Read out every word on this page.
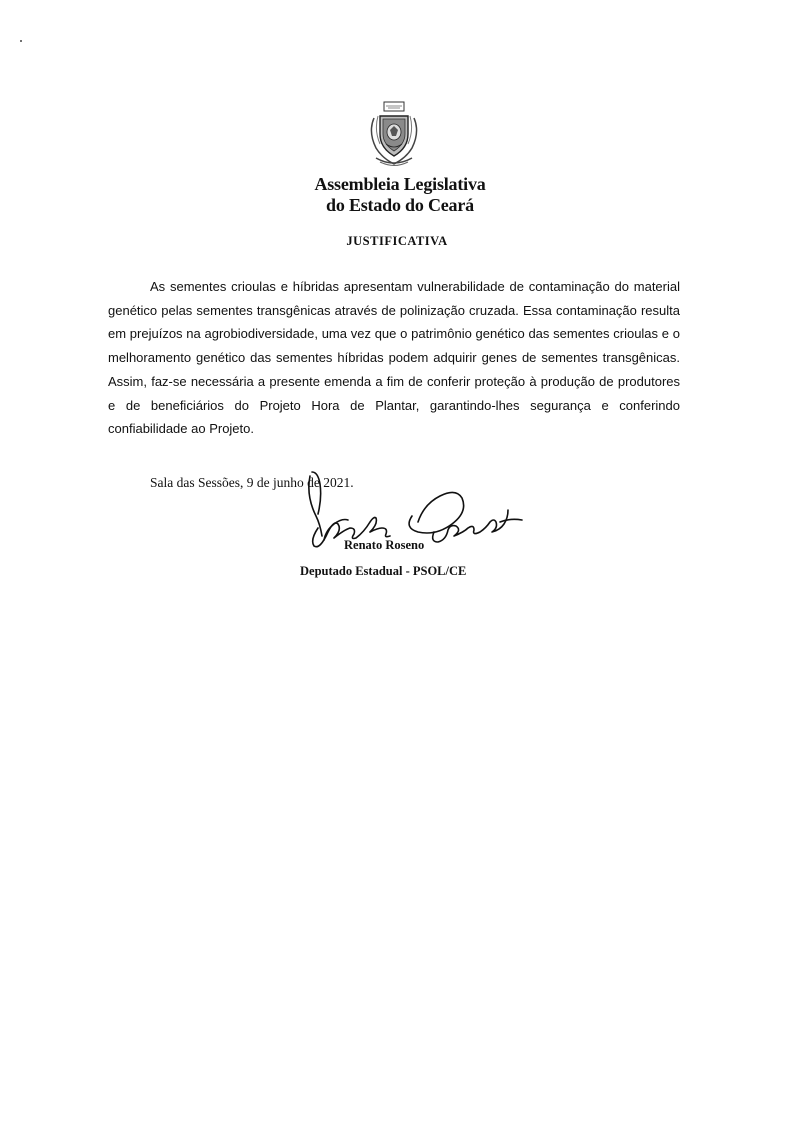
Assembleia Legislativa
do Estado do Ceará
JUSTIFICATIVA

As sementes crioulas e híbridas apresentam vulnerabilidade de contaminação do material genético pelas sementes transgênicas através de polinização cruzada. Essa contaminação resulta em prejuízos na agrobiodiversidade, uma vez que o patrimônio genético das sementes crioulas e o melhoramento genético das sementes híbridas podem adquirir genes de sementes transgênicas. Assim, faz-se necessária a presente emenda a fim de conferir proteção à produção de produtores e de beneficiários do Projeto Hora de Plantar, garantindo-lhes segurança e conferindo confiabilidade ao Projeto.

Sala das Sessões, 9 de junho de 2021.
Renato Roseno
Deputado Estadual - PSOL/CE
